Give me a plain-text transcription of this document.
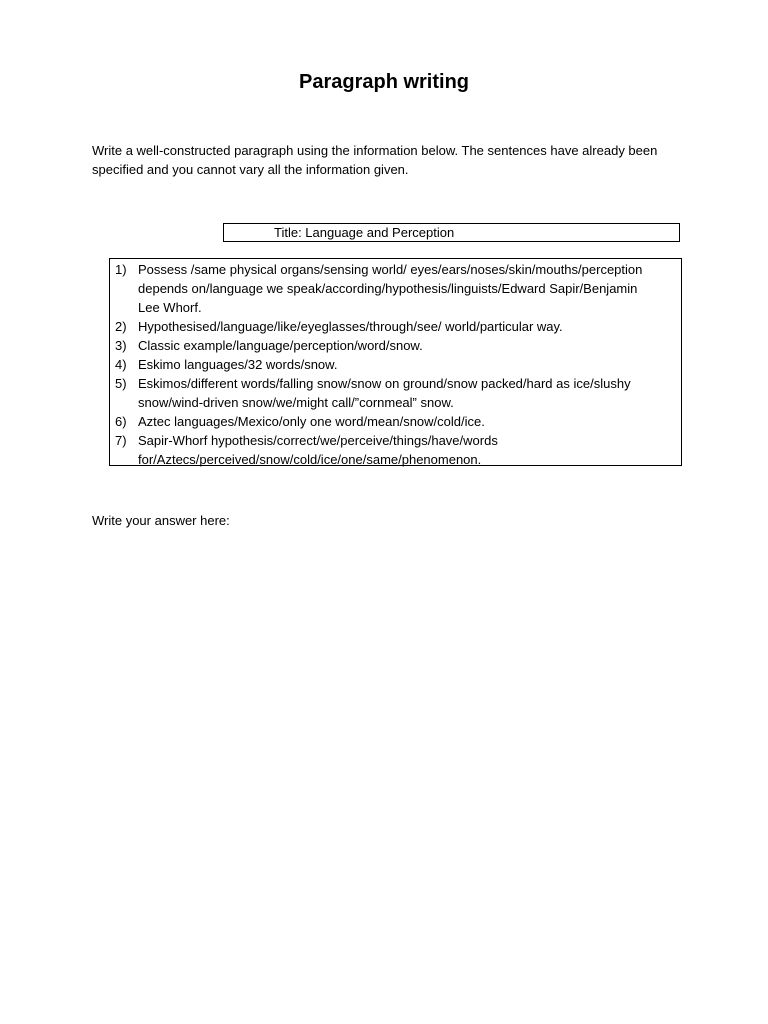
Paragraph writing
Write a well-constructed paragraph using the information below. The sentences have already been specified and you cannot vary all the information given.
Title: Language and Perception
1) Possess /same physical organs/sensing world/ eyes/ears/noses/skin/mouths/perception depends on/language we speak/according/hypothesis/linguists/Edward Sapir/Benjamin Lee Whorf.
2) Hypothesised/language/like/eyeglasses/through/see/ world/particular way.
3) Classic example/language/perception/word/snow.
4) Eskimo languages/32 words/snow.
5) Eskimos/different words/falling snow/snow on ground/snow packed/hard as ice/slushy snow/wind-driven snow/we/might call/”cornmeal” snow.
6) Aztec languages/Mexico/only one word/mean/snow/cold/ice.
7) Sapir-Whorf hypothesis/correct/we/perceive/things/have/words for/Aztecs/perceived/snow/cold/ice/one/same/phenomenon.
Write your answer here:
